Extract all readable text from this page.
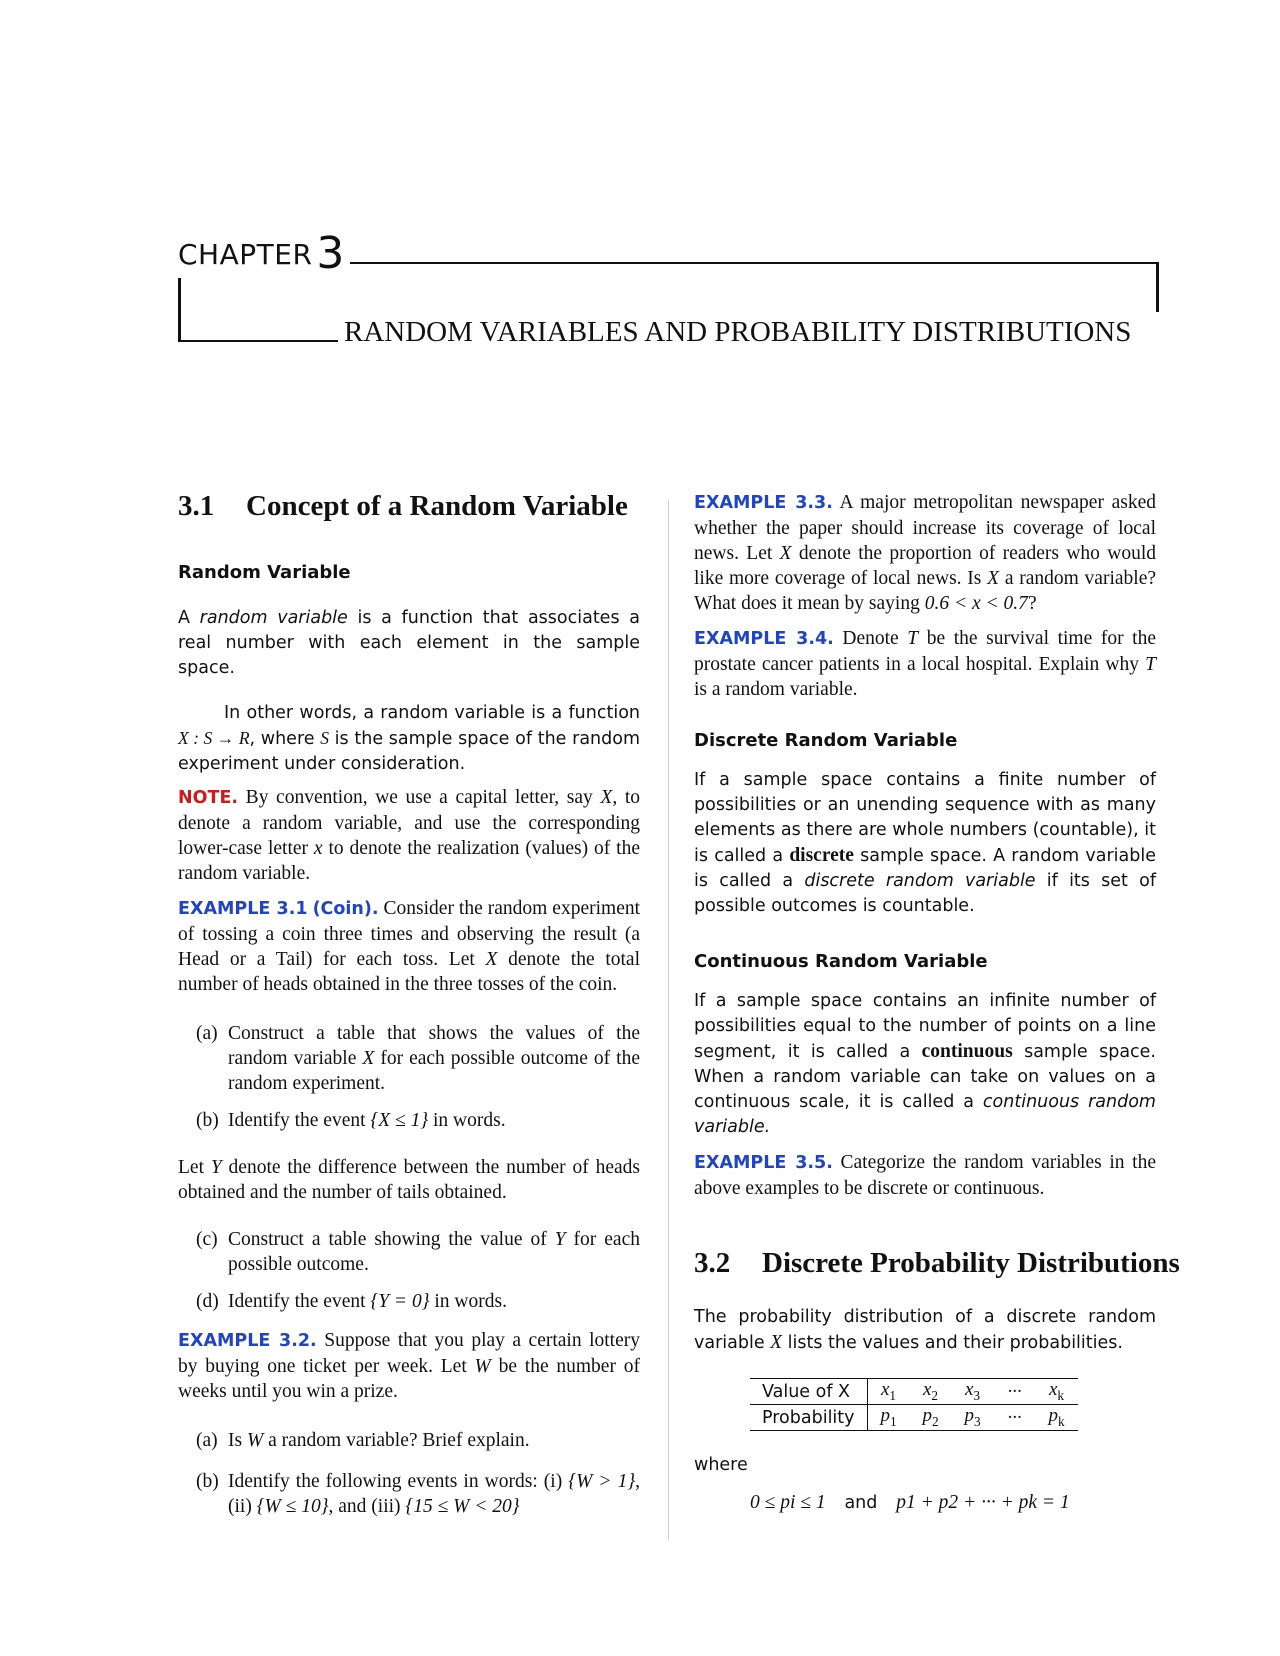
CHAPTER3
RANDOM VARIABLES AND PROBABILITY DISTRIBUTIONS
3.1 Concept of a Random Variable
Random Variable

A random variable is a function that associates a real number with each element in the sample space.

In other words, a random variable is a function X : S → R, where S is the sample space of the random experiment under consideration.

NOTE. By convention, we use a capital letter, say X, to denote a random variable, and use the corresponding lower-case letter x to denote the realization (values) of the random variable.

EXAMPLE 3.1 (Coin). Consider the random experiment of tossing a coin three times and observing the result (a Head or a Tail) for each toss. Let X denote the total number of heads obtained in the three tosses of the coin.

(a) Construct a table that shows the values of the random variable X for each possible outcome of the random experiment.
(b) Identify the event {X ≤ 1} in words.

Let Y denote the difference between the number of heads obtained and the number of tails obtained.

(c) Construct a table showing the value of Y for each possible outcome.
(d) Identify the event {Y = 0} in words.

EXAMPLE 3.2. Suppose that you play a certain lottery by buying one ticket per week. Let W be the number of weeks until you win a prize.

(a) Is W a random variable? Brief explain.
(b) Identify the following events in words: (i) {W > 1}, (ii) {W ≤ 10}, and (iii) {15 ≤ W < 20}

EXAMPLE 3.3. A major metropolitan newspaper asked whether the paper should increase its coverage of local news. Let X denote the proportion of readers who would like more coverage of local news. Is X a random variable? What does it mean by saying 0.6 < x < 0.7?

EXAMPLE 3.4. Denote T be the survival time for the prostate cancer patients in a local hospital. Explain why T is a random variable.

Discrete Random Variable

If a sample space contains a finite number of possibilities or an unending sequence with as many elements as there are whole numbers (countable), it is called a discrete sample space. A random variable is called a discrete random variable if its set of possible outcomes is countable.

Continuous Random Variable

If a sample space contains an infinite number of possibilities equal to the number of points on a line segment, it is called a continuous sample space. When a random variable can take on values on a continuous scale, it is called a continuous random variable.

EXAMPLE 3.5. Categorize the random variables in the above examples to be discrete or continuous.

3.2 Discrete Probability Distributions

The probability distribution of a discrete random variable X lists the values and their probabilities.

Value of X	$x_1$	$x_2$	$x_3$	···	$x_k$
Probability	$p_1$	$p_2$	$p_3$	···	$p_k$

where

0 ≤ pi ≤ 1 and p1 + p2 + ··· + pk = 1
